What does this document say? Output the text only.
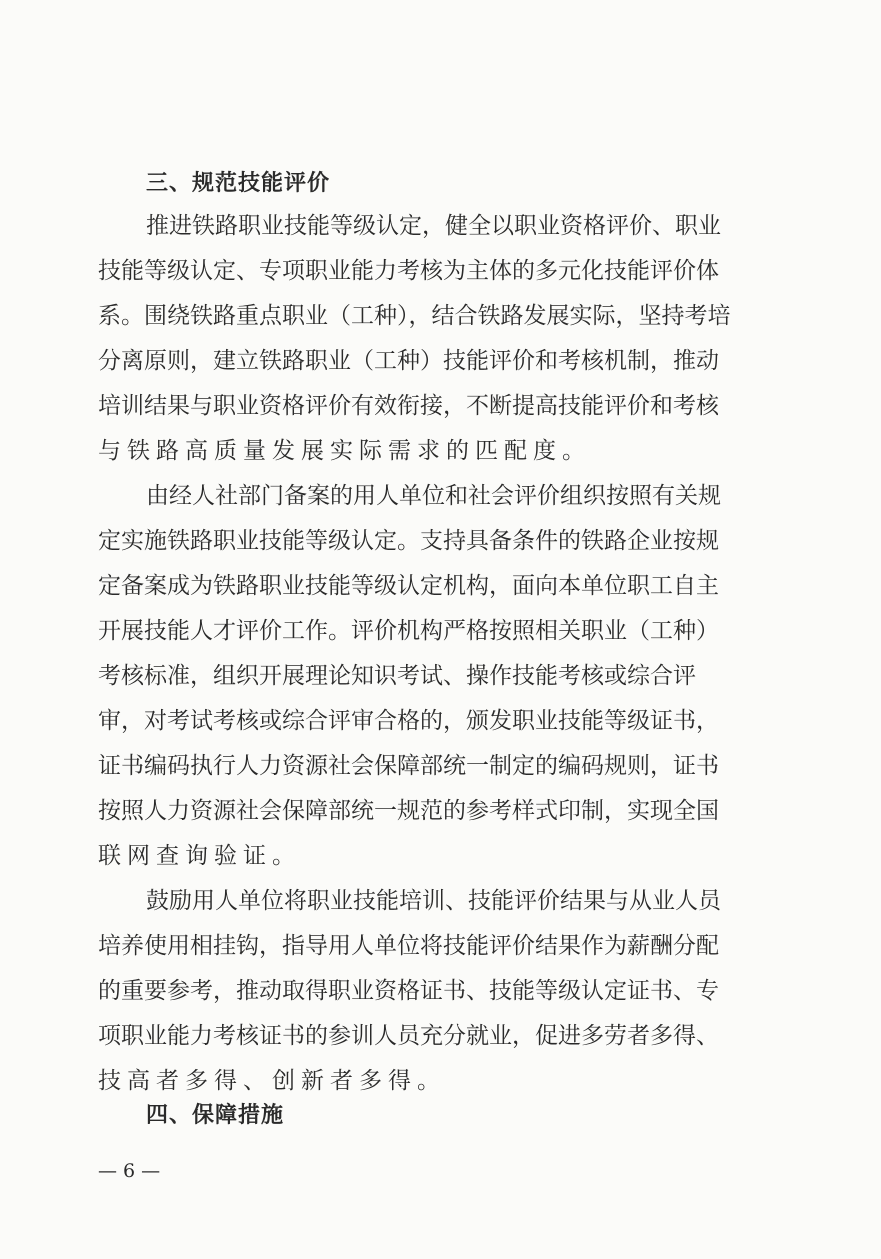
三、规范技能评价
推进铁路职业技能等级认定，健全以职业资格评价、职业
技能等级认定、专项职业能力考核为主体的多元化技能评价体
系。围绕铁路重点职业（工种），结合铁路发展实际，坚持考培
分离原则，建立铁路职业（工种）技能评价和考核机制，推动
培训结果与职业资格评价有效衔接，不断提高技能评价和考核
与铁路高质量发展实际需求的匹配度。
由经人社部门备案的用人单位和社会评价组织按照有关规
定实施铁路职业技能等级认定。支持具备条件的铁路企业按规
定备案成为铁路职业技能等级认定机构，面向本单位职工自主
开展技能人才评价工作。评价机构严格按照相关职业（工种）
考核标准，组织开展理论知识考试、操作技能考核或综合评
审，对考试考核或综合评审合格的，颁发职业技能等级证书，
证书编码执行人力资源社会保障部统一制定的编码规则，证书
按照人力资源社会保障部统一规范的参考样式印制，实现全国
联网查询验证。
鼓励用人单位将职业技能培训、技能评价结果与从业人员
培养使用相挂钩，指导用人单位将技能评价结果作为薪酬分配
的重要参考，推动取得职业资格证书、技能等级认定证书、专
项职业能力考核证书的参训人员充分就业，促进多劳者多得、
技高者多得、创新者多得。
四、保障措施
— 6 —
